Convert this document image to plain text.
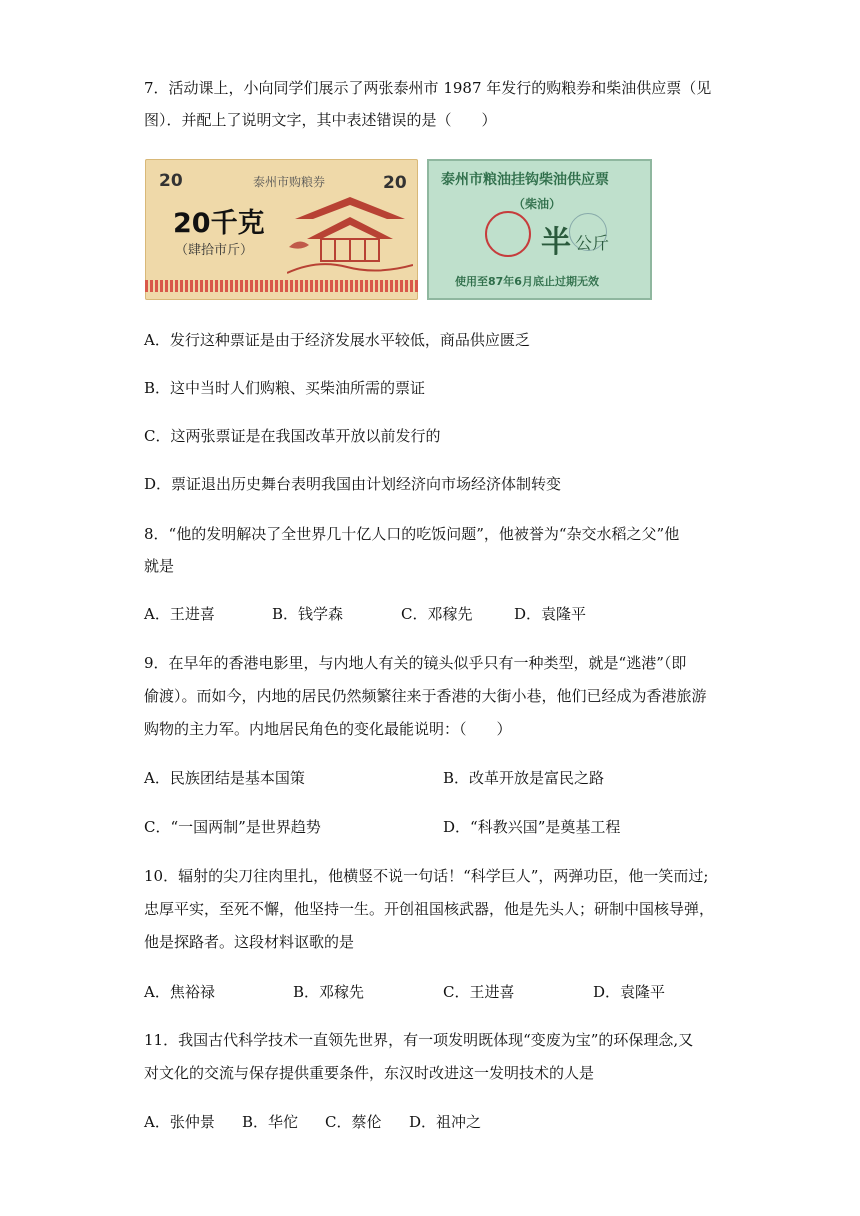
7．活动课上，小向同学们展示了两张泰州市 1987 年发行的购粮券和柴油供应票（见
图）．并配上了说明文字，其中表述错误的是（　　）
20	20
泰州市购粮券
20千克
（肆拾市斤）
泰州市粮油挂钩柴油供应票
（柴油）
半 公斤
使用至87年6月底止过期无效
A．发行这种票证是由于经济发展水平较低，商品供应匮乏
B．这中当时人们购粮、买柴油所需的票证
C．这两张票证是在我国改革开放以前发行的
D．票证退出历史舞台表明我国由计划经济向市场经济体制转变
8．“他的发明解决了全世界几十亿人口的吃饭问题”，他被誉为“杂交水稻之父”他
就是
A．王进喜	B．钱学森	C．邓稼先	D．袁隆平
9．在早年的香港电影里，与内地人有关的镜头似乎只有一种类型，就是“逃港”（即
偷渡）。而如今，内地的居民仍然频繁往来于香港的大街小巷，他们已经成为香港旅游
购物的主力军。内地居民角色的变化最能说明：（　　）
A．民族团结是基本国策	B．改革开放是富民之路
C．“一国两制”是世界趋势	D．“科教兴国”是奠基工程
10．辐射的尖刀往肉里扎，他横竖不说一句话！“科学巨人”，两弹功臣，他一笑而过;
忠厚平实，至死不懈，他坚持一生。开创祖国核武器，他是先头人；研制中国核导弹，
他是探路者。这段材料讴歌的是
A．焦裕禄	B．邓稼先	C．王进喜	D．袁隆平
11．我国古代科学技术一直领先世界，有一项发明既体现“变废为宝”的环保理念,又
对文化的交流与保存提供重要条件，东汉时改进这一发明技术的人是
A．张仲景 B．华佗 C．蔡伦 D．祖冲之
